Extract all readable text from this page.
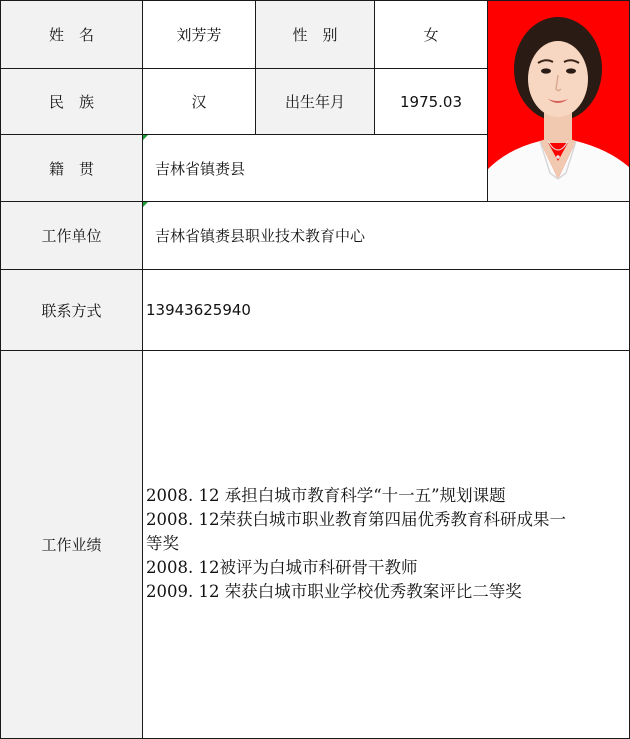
姓　名	刘芳芳	性　别	女
民　族	汉	出生年月	1975.03
籍　贯	吉林省镇赉县
工作单位	吉林省镇赉县职业技术教育中心
联系方式	13943625940
工作业绩
2008. 12 承担白城市教育科学“十一五”规划课题
2008. 12荣获白城市职业教育第四届优秀教育科研成果一
等奖
2008. 12被评为白城市科研骨干教师
2009. 12 荣获白城市职业学校优秀教案评比二等奖
